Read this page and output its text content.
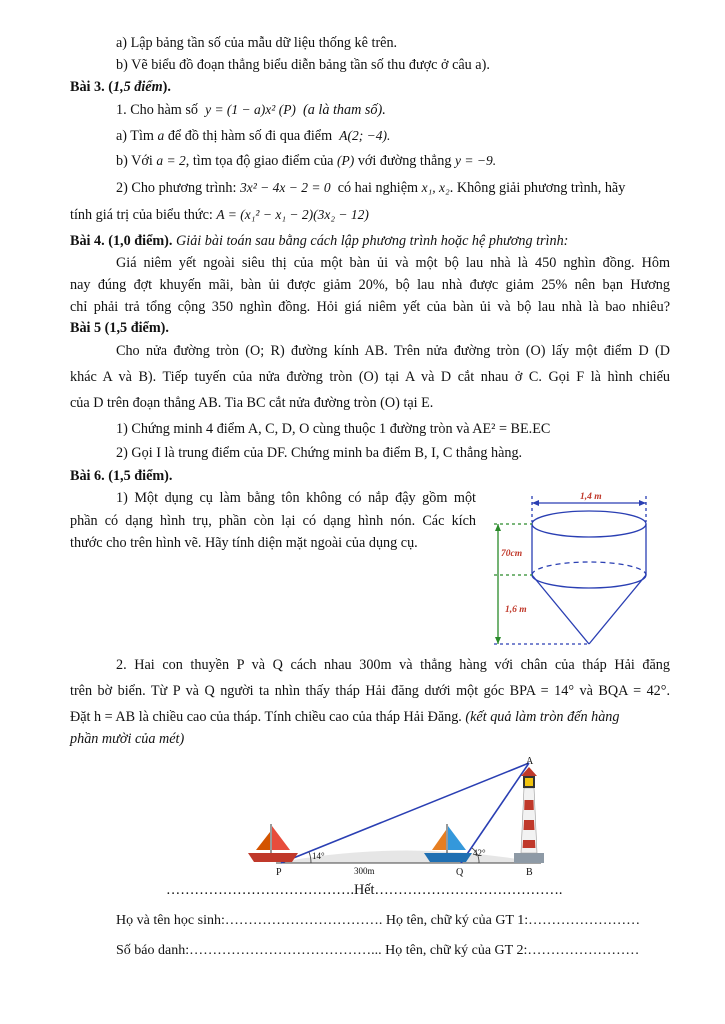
a) Lập bảng tần số của mẫu dữ liệu thống kê trên.
b) Vẽ biểu đồ đoạn thẳng biểu diễn bảng tần số thu được ở câu a).
Bài 3. (1,5 điểm).
1. Cho hàm số y = (1 − a)x² (P) (a là tham số).
a) Tìm a để đồ thị hàm số đi qua điểm A(2; −4).
b) Với a = 2, tìm tọa độ giao điểm của (P) với đường thẳng y = −9.
2) Cho phương trình: 3x² − 4x − 2 = 0 có hai nghiệm x₁, x₂. Không giải phương trình, hãy
tính giá trị của biểu thức: A = (x₁² − x₁ − 2)(3x₂ − 12)
Bài 4. (1,0 điểm). Giải bài toán sau bằng cách lập phương trình hoặc hệ phương trình:
Giá niêm yết ngoài siêu thị của một bàn ủi và một bộ lau nhà là 450 nghìn đồng. Hôm
nay đúng đợt khuyến mãi, bàn ủi được giảm 20%, bộ lau nhà được giảm 25% nên bạn Hương
chỉ phải trả tổng cộng 350 nghìn đồng. Hỏi giá niêm yết của bàn ủi và bộ lau nhà là bao nhiêu?
Bài 5 (1,5 điểm).
Cho nửa đường tròn (O; R) đường kính AB. Trên nửa đường tròn (O) lấy một điểm D (D
khác A và B). Tiếp tuyến của nửa đường tròn (O) tại A và D cắt nhau ở C. Gọi F là hình chiếu
của D trên đoạn thẳng AB. Tia BC cắt nửa đường tròn (O) tại E.
1) Chứng minh 4 điểm A, C, D, O cùng thuộc 1 đường tròn và AE² = BE.EC
2) Gọi I là trung điểm của DF. Chứng minh ba điểm B, I, C thẳng hàng.
Bài 6. (1,5 điểm).
1) Một dụng cụ làm bằng tôn không có nắp đậy gồm một
phần có dạng hình trụ, phần còn lại có dạng hình nón. Các kích
thước cho trên hình vẽ. Hãy tính diện mặt ngoài của dụng cụ.
1,4 m
70cm
1,6 m
2. Hai con thuyền P và Q cách nhau 300m và thẳng hàng với chân của tháp Hải đăng
trên bờ biển. Từ P và Q người ta nhìn thấy tháp Hải đăng dưới một góc BPA = 14° và BQA = 42°.
Đặt h = AB là chiều cao của tháp. Tính chiều cao của tháp Hải Đăng. (kết quả làm tròn đến hàng
phần mười của mét)
A
B
P	Q
14°	42°
300m
………………………………….Hết………………………………….
Họ và tên học sinh:……………………………. Họ tên, chữ ký của GT 1:……………………
Số báo danh:…………………………………... Họ tên, chữ ký của GT 2:……………………
